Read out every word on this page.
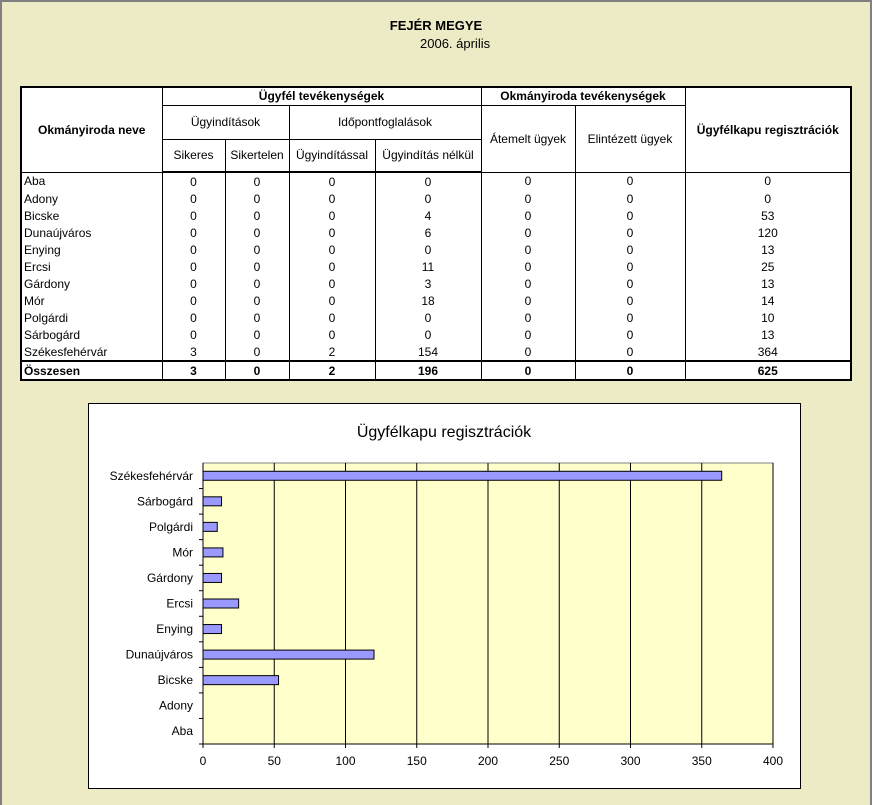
FEJÉR MEGYE
2006. április
Okmányiroda neve	Ügyfél tevékenységek				Okmányiroda tevékenységek		Ügyfélkapu regisztrációk
	Ügyindítások		Időpontfoglalások		Átemelt ügyek	Elintézett ügyek	
	Sikeres	Sikertelen	Ügyindítással	Ügyindítás nélkül			
Aba	0	0	0	0	0	0	0
Adony	0	0	0	0	0	0	0
Bicske	0	0	0	4	0	0	53
Dunaújváros	0	0	0	6	0	0	120
Enying	0	0	0	0	0	0	13
Ercsi	0	0	0	11	0	0	25
Gárdony	0	0	0	3	0	0	13
Mór	0	0	0	18	0	0	14
Polgárdi	0	0	0	0	0	0	10
Sárbogárd	0	0	0	0	0	0	13
Székesfehérvár	3	0	2	154	0	0	364
Összesen	3	0	2	196	0	0	625
Ügyfélkapu regisztrációk
0	50	100	150	200	250	300	350	400
Aba
Adony
Bicske
Dunaújváros
Enying
Ercsi
Gárdony
Mór
Polgárdi
Sárbogárd
Székesfehérvár
